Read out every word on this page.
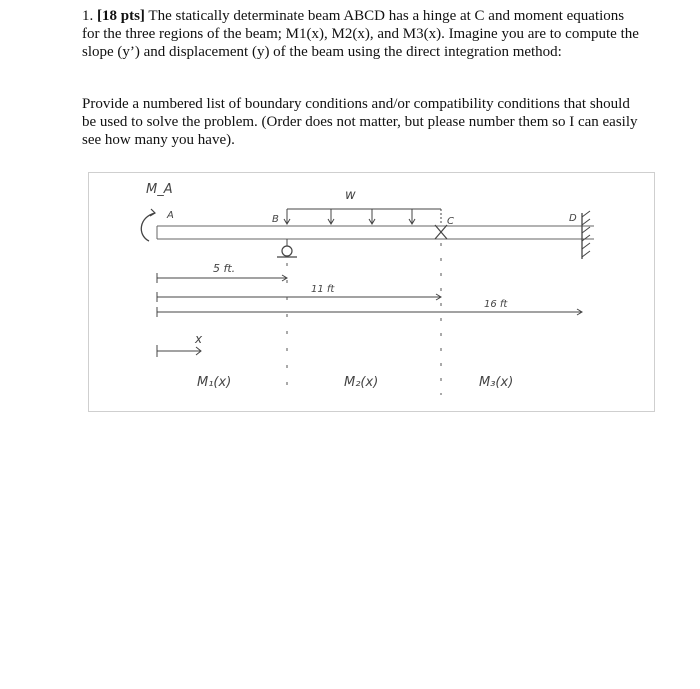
1. [18 pts] The statically determinate beam ABCD has a hinge at C and moment equations for the three regions of the beam; M1(x), M2(x), and M3(x). Imagine you are to compute the slope (y’) and displacement (y) of the beam using the direct integration method:
Provide a numbered list of boundary conditions and/or compatibility conditions that should be used to solve the problem. (Order does not matter, but please number them so I can easily see how many you have).
M_A
A
w
B	C	D
5 ft.
11 ft
16 ft
x
M₁(x)	M₂(x)	M₃(x)
